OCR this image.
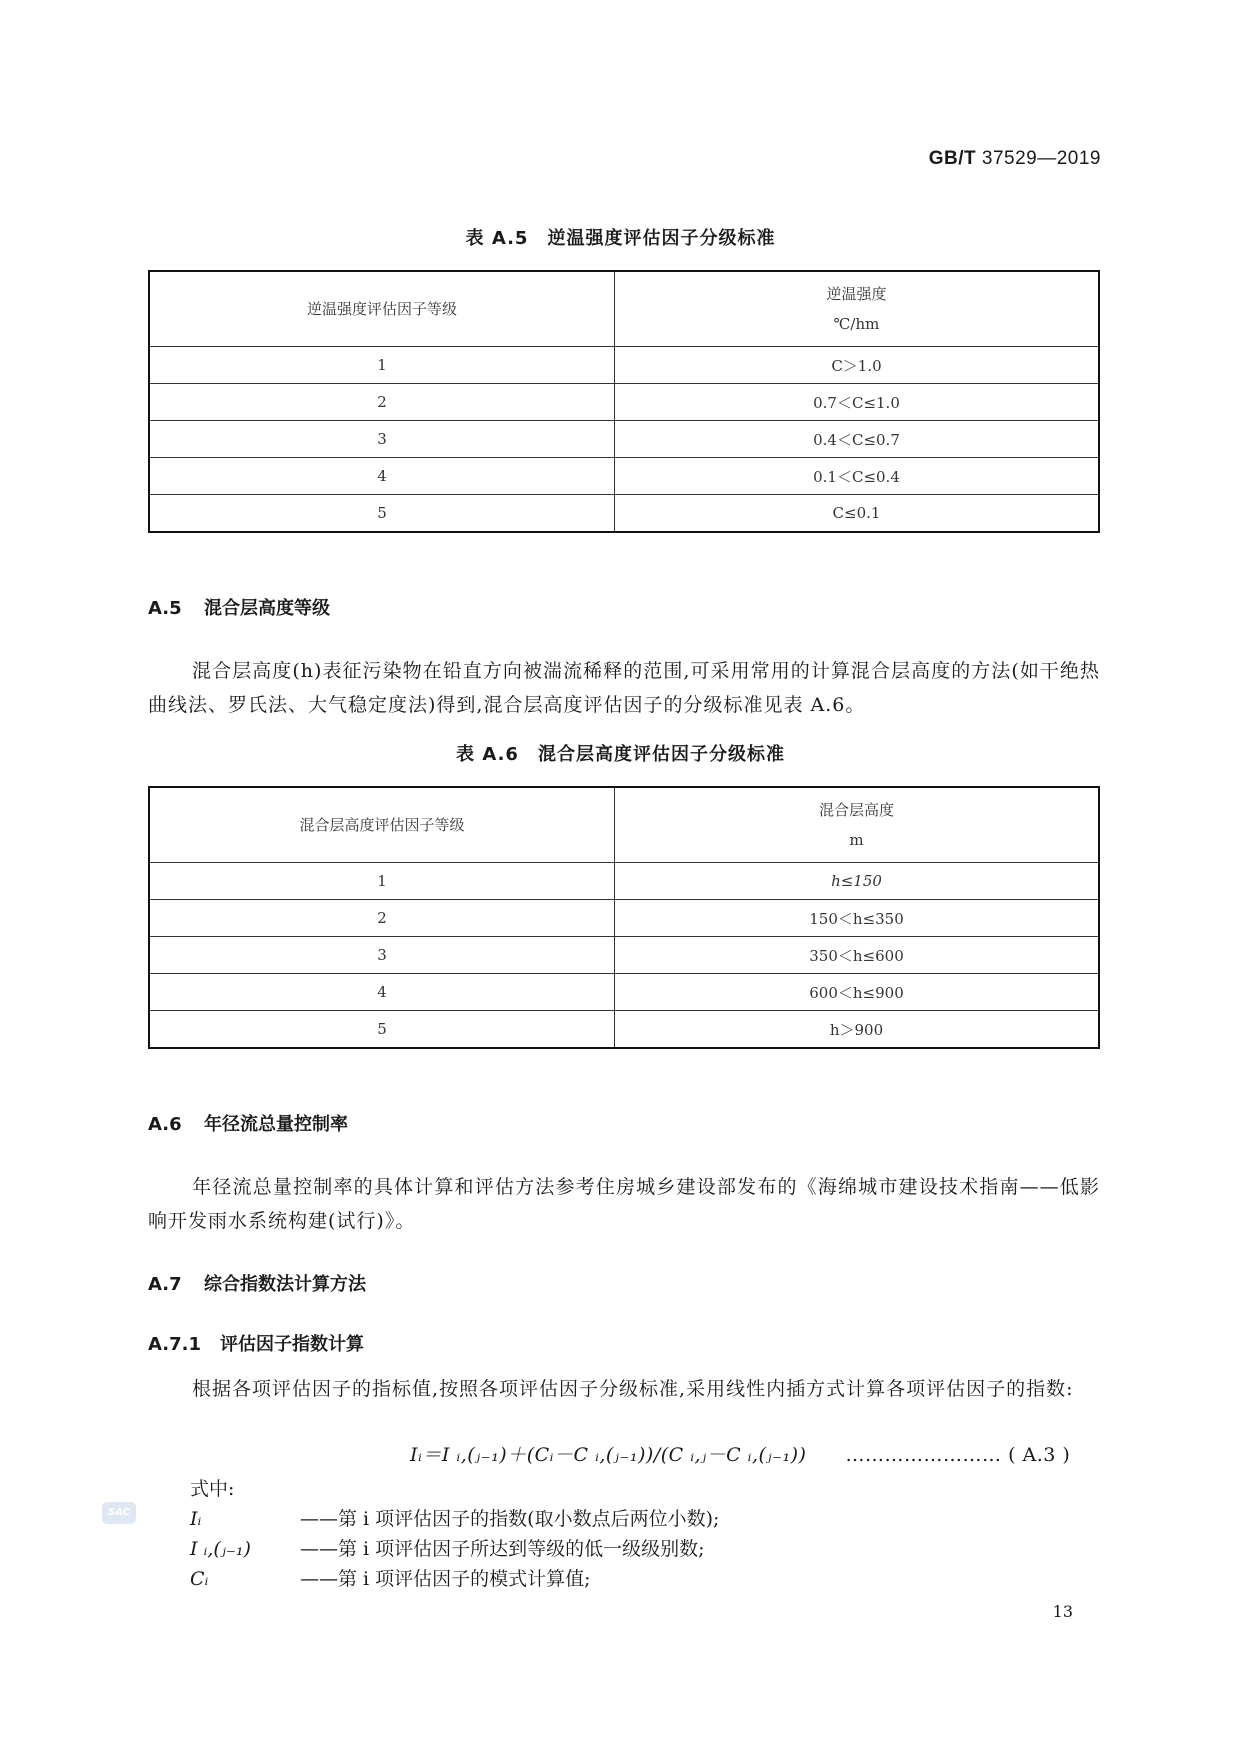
GB/T 37529—2019
表 A.5　逆温强度评估因子分级标准
逆温强度评估因子等级	逆温强度
℃/hm
1	C＞1.0
2	0.7＜C≤1.0
3	0.4＜C≤0.7
4	0.1＜C≤0.4
5	C≤0.1
A.5 混合层高度等级
混合层高度(h)表征污染物在铅直方向被湍流稀释的范围,可采用常用的计算混合层高度的方法(如干绝热曲线法、罗氏法、大气稳定度法)得到,混合层高度评估因子的分级标准见表 A.6。
表 A.6　混合层高度评估因子分级标准
混合层高度评估因子等级	混合层高度
m
1	h≤150
2	150＜h≤350
3	350＜h≤600
4	600＜h≤900
5	h＞900
A.6 年径流总量控制率
年径流总量控制率的具体计算和评估方法参考住房城乡建设部发布的《海绵城市建设技术指南——低影响开发雨水系统构建(试行)》。
A.7 综合指数法计算方法
A.7.1 评估因子指数计算
根据各项评估因子的指标值,按照各项评估因子分级标准,采用线性内插方式计算各项评估因子的指数:
Iᵢ＝I ᵢ,(ⱼ₋₁)＋(Cᵢ－C ᵢ,(ⱼ₋₁))/(C ᵢ,ⱼ－C ᵢ,(ⱼ₋₁)) …………………… ( A.3 )
式中:
Iᵢ	——第 i 项评估因子的指数(取小数点后两位小数);
I ᵢ,(ⱼ₋₁)	——第 i 项评估因子所达到等级的低一级级别数;
Cᵢ	——第 i 项评估因子的模式计算值;
SAC
13
